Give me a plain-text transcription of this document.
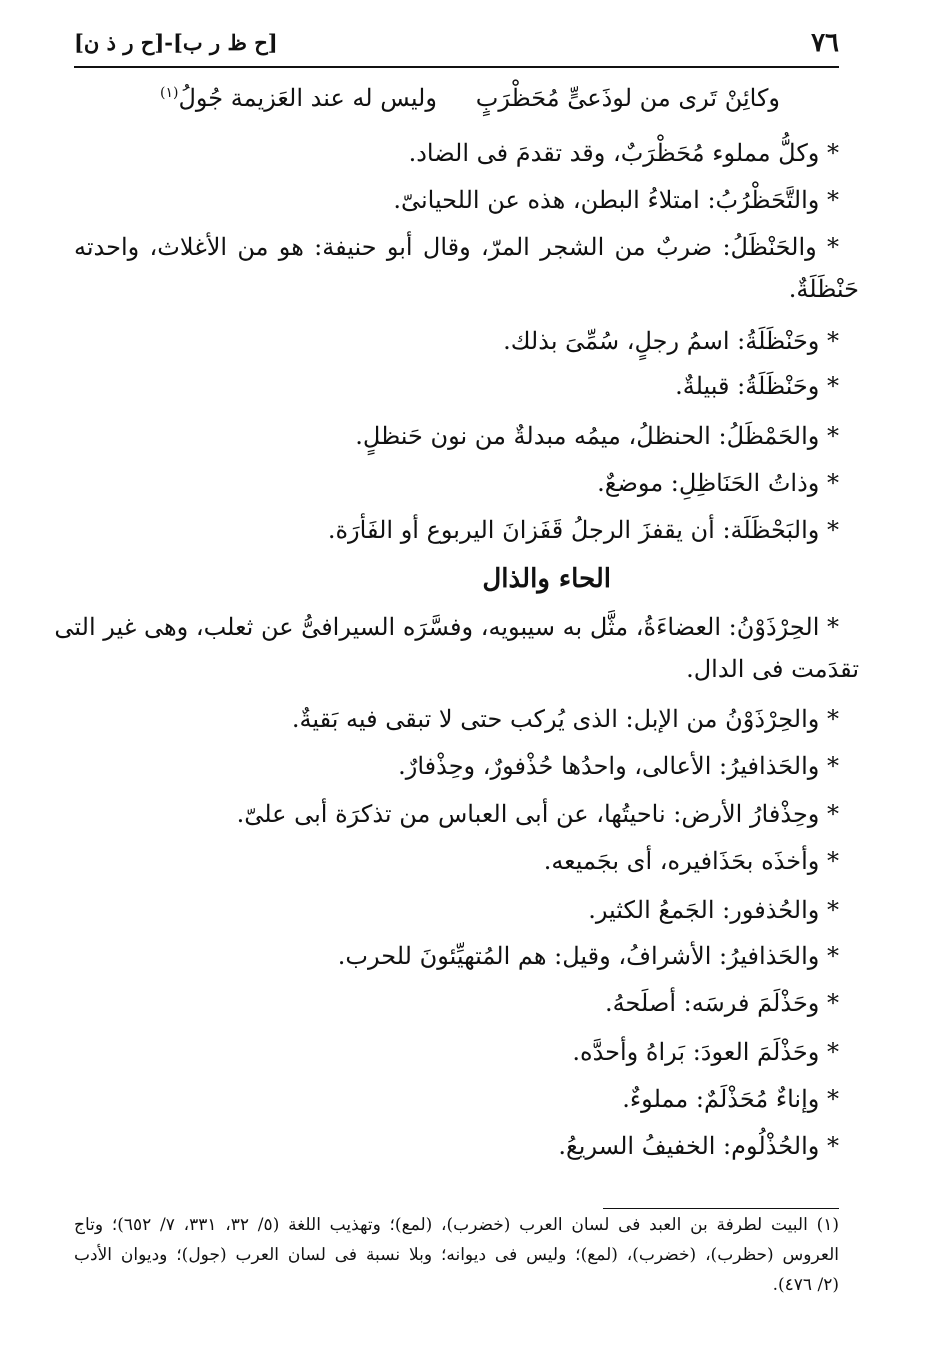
٧٦
[ح ظ ر ب]-[ح ر ذ ن]
وكائِنْ تَرى من لوذَعىٍّ مُحَظْرَبٍ
وليس له عند العَزيمة جُولُ$^{(١)}$
* وكلُّ مملوء مُحَظْرَبٌ، وقد تقدمَ فى الضاد.
* والتَّحَظْرُبُ: امتلاءُ البطن، هذه عن اللحيانىّ.
* والحَنْظَلُ: ضربٌ من الشجر المرّ، وقال أبو حنيفة: هو من الأغلاث، واحدته
حَنْظَلَةٌ.
* وحَنْظَلَةُ: اسمُ رجلٍ، سُمِّىَ بذلك.
* وحَنْظَلَةُ: قبيلةٌ.
* والحَمْظَلُ: الحنظلُ، ميمُه مبدلةٌ من نون حَنظلٍ.
* وذاتُ الحَنَاظِلِ: موضعٌ.
* والبَحْظَلَة: أن يقفزَ الرجلُ قَفَزانَ اليربوع أو الفَأرَة.
الحاء والذال
* الحِرْذَوْنُ: العضاءَةُ، مثَّل به سيبويه، وفسَّرَه السيرافىُّ عن ثعلب، وهى غير التى
تقدَمت فى الدال.
* والحِرْذَوْنُ من الإبل: الذى يُركب حتى لا تبقى فيه بَقيةٌ.
* والحَذافيرُ: الأعالى، واحدُها حُذْفورٌ، وحِذْفارٌ.
* وحِذْفارُ الأرض: ناحيتُها، عن أبى العباس من تذكرَة أبى علىّ.
* وأخذَه بحَذَافيره، أى بجَميعه.
* والحُذفور: الجَمعُ الكثير.
* والحَذافيرُ: الأشرافُ، وقيل: هم المُتهيِّئونَ للحرب.
* وحَذْلَمَ فرسَه: أصلَحهُ.
* وحَذْلَمَ العودَ: بَراهُ وأحدَّه.
* وإناءٌ مُحَذْلَمٌ: مملوءٌ.
* والحُذْلُوم: الخفيفُ السريعُ.
(١) البيت لطرفة بن العبد فى لسان العرب (خضرب)، (لمع)؛ وتهذيب اللغة (٥/ ٣٢، ٣٣١، ٧/ ٦٥٢)؛ وتاج
العروس (حظرب)، (خضرب)، (لمع)؛ وليس فى ديوانه؛ وبلا نسبة فى لسان العرب (جول)؛ وديوان الأدب
(٢/ ٤٧٦).
